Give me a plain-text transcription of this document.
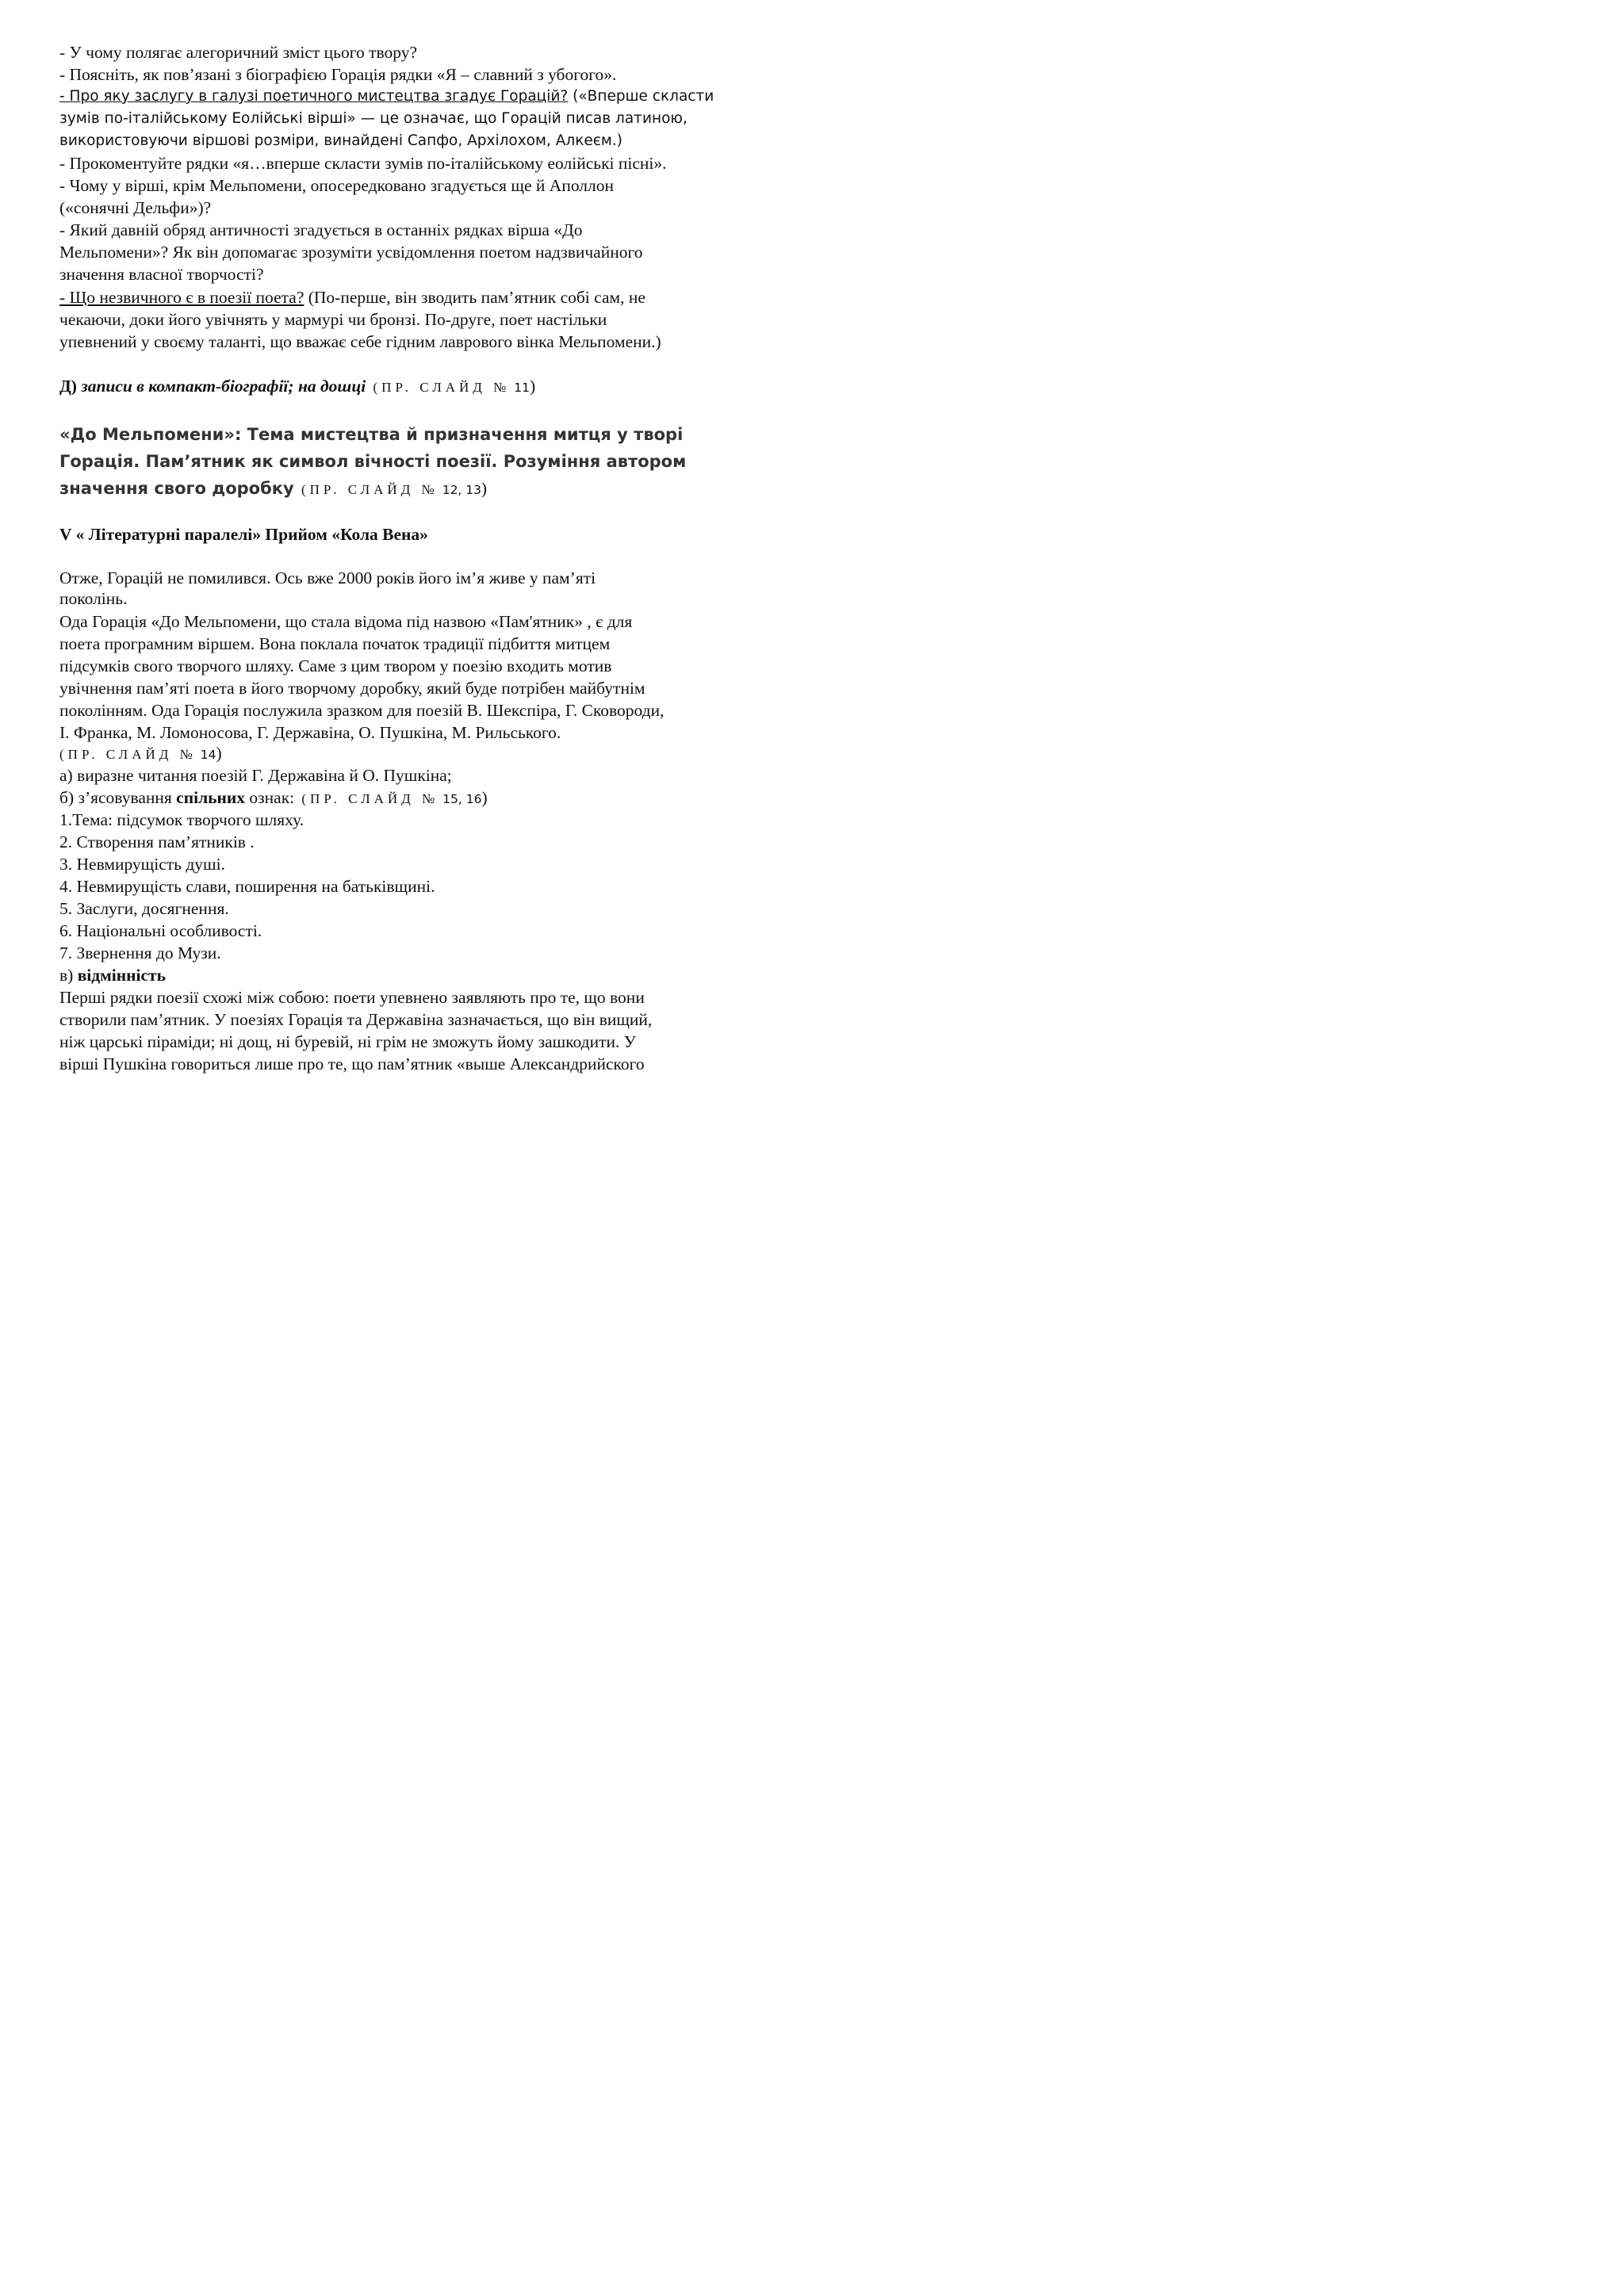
- У чому полягає алегоричний зміст цього твору?

- Поясніть, як пов’язані з біографією Горація рядки «Я – славний з убогого».

- Про яку заслугу в галузі поетичного мистецтва згадує Горацій? («Вперше скласти

зумів по-італійському Еолійські вірші» — це означає, що Горацій писав латиною,

використовуючи віршові розміри, винайдені Сапфо, Архілохом, Алкеєм.)

- Прокоментуйте рядки «я…вперше скласти зумів по-італійському еолійські пісні».

- Чому у вірші, крім Мельпомени, опосередковано згадується ще й Аполлон

(«сонячні Дельфи»)?

- Який давній обряд античності згадується в останніх рядках вірша «До

Мельпомени»? Як він допомагає зрозуміти усвідомлення поетом надзвичайного

значення власної творчості?

- Що незвичного є в поезії поета? (По-перше, він зводить пам’ятник собі сам, не

чекаючи, доки його увічнять у мармурі чи бронзі. По-друге, поет настільки

упевнений у своєму таланті, що вважає себе гідним лаврового вінка Мельпомени.)

Д) записи в компакт-біографії; на дошці (ПР. СЛАЙД № 11)

«До Мельпомени»: Тема мистецтва й призначення митця у творі

Горація. Пам’ятник як символ вічності поезії. Розуміння автором

значення свого доробку (ПР. СЛАЙД № 12, 13)

V « Літературні паралелі» Прийом «Кола Вена»

Отже, Горацій не помилився. Ось вже 2000 років його ім’я живе у пам’яті

поколінь.

Ода Горація «До Мельпомени, що стала відома під назвою «Пам'ятник» , є для

поета програмним віршем. Вона поклала початок традиції підбиття митцем

підсумків свого творчого шляху. Саме з цим твором у поезію входить мотив

увічнення пам’яті поета в його творчому доробку, який буде потрібен майбутнім

поколінням. Ода Горація послужила зразком для поезій В. Шекспіра, Г. Сковороди,

І. Франка, М. Ломоносова, Г. Державіна, О. Пушкіна, М. Рильського.

(ПР. СЛАЙД № 14)

а) виразне читання поезій Г. Державіна й О. Пушкіна;

б) з’ясовування спільних ознак: (ПР. СЛАЙД № 15, 16)

1.Тема: підсумок творчого шляху.

2. Створення пам’ятників .

3. Невмирущість душі.

4. Невмирущість слави, поширення на батьківщині.

5. Заслуги, досягнення.

6. Національні особливості.

7. Звернення до Музи.

в) відмінність

Перші рядки поезії схожі між собою: поети упевнено заявляють про те, що вони

створили пам’ятник. У поезіях Горація та Державіна зазначається, що він вищий,

ніж царські піраміди; ні дощ, ні буревій, ні грім не зможуть йому зашкодити. У

вірші Пушкіна говориться лише про те, що пам’ятник «выше Александрийского
